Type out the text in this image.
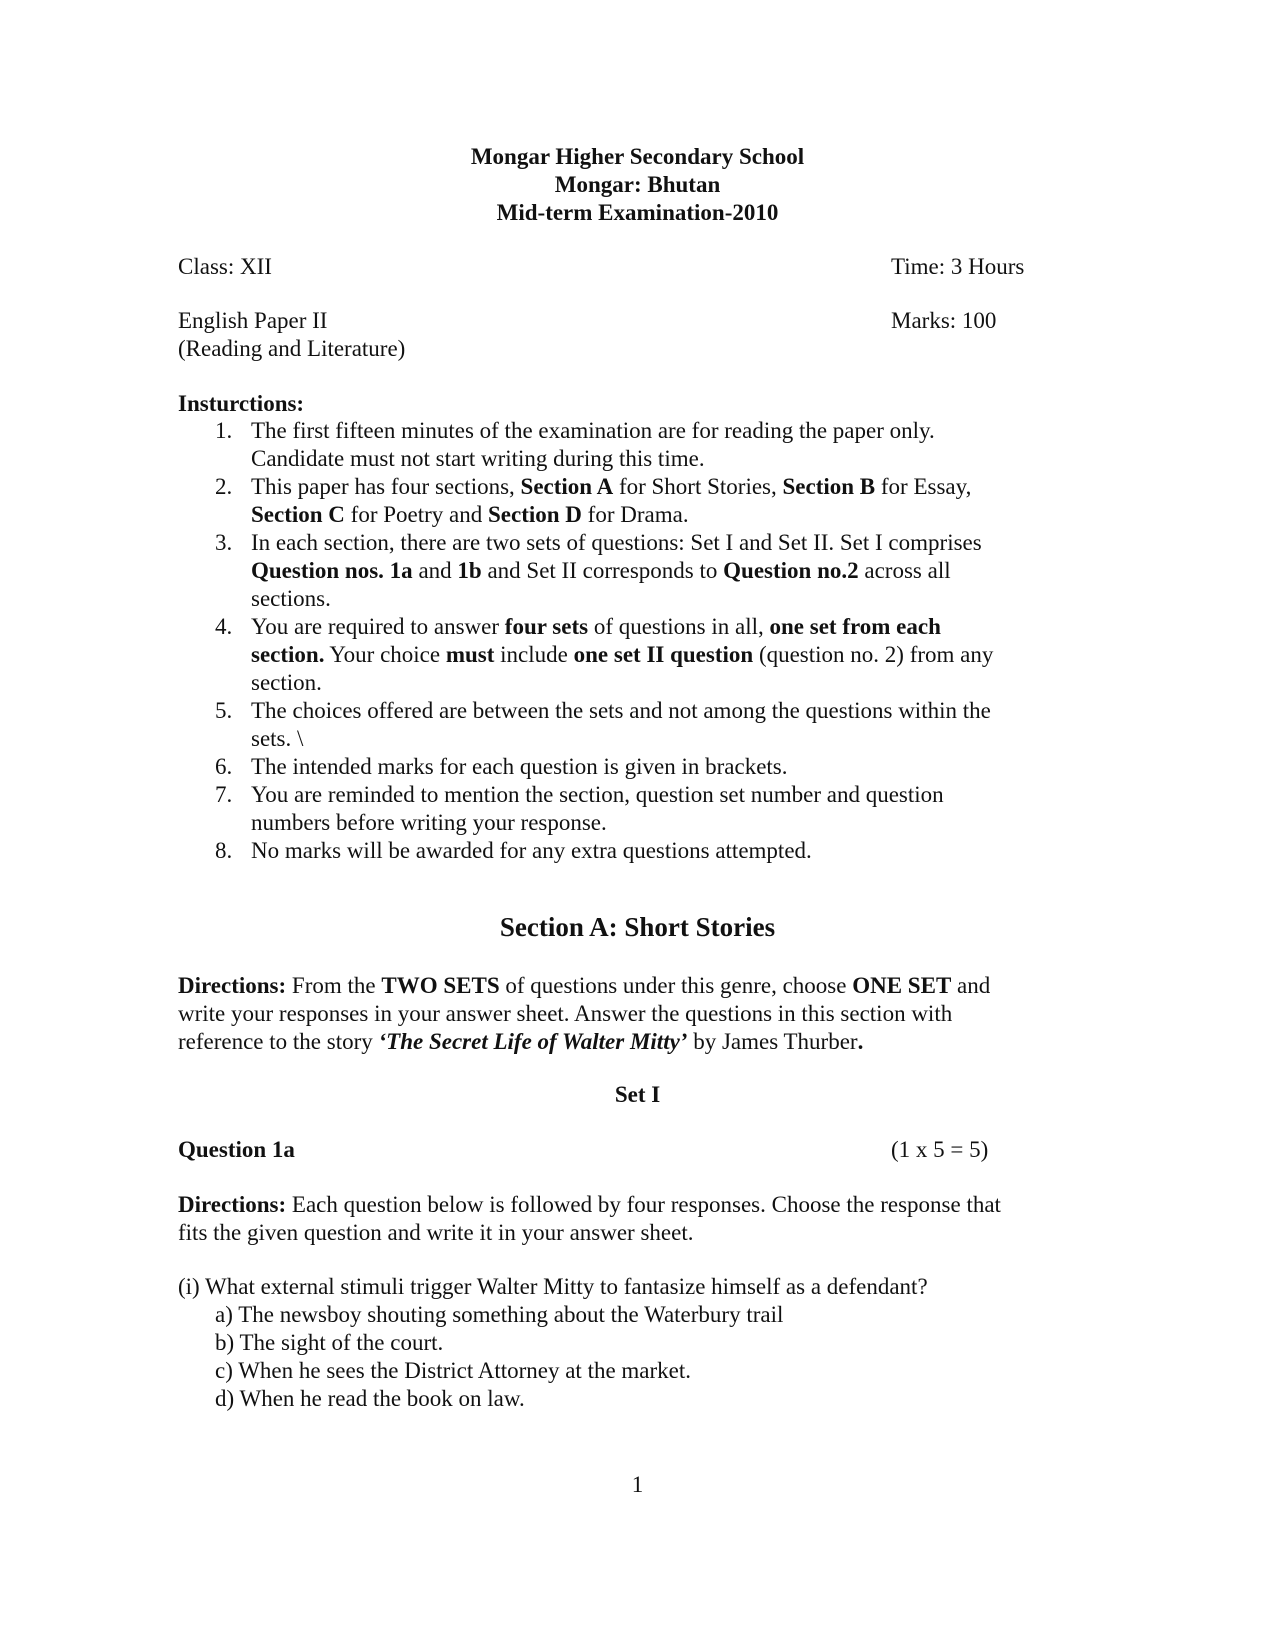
Mongar Higher Secondary School
Mongar: Bhutan
Mid-term Examination-2010
Class: XII	Time: 3 Hours
English Paper II	Marks: 100
(Reading and Literature)
Insturctions:
1. The first fifteen minutes of the examination are for reading the paper only.
Candidate must not start writing during this time.
2. This paper has four sections, Section A for Short Stories, Section B for Essay,
Section C for Poetry and Section D for Drama.
3. In each section, there are two sets of questions: Set I and Set II. Set I comprises
Question nos. 1a and 1b and Set II corresponds to Question no.2 across all
sections.
4. You are required to answer four sets of questions in all, one set from each
section. Your choice must include one set II question (question no. 2) from any
section.
5. The choices offered are between the sets and not among the questions within the
sets. \
6. The intended marks for each question is given in brackets.
7. You are reminded to mention the section, question set number and question
numbers before writing your response.
8. No marks will be awarded for any extra questions attempted.
Section A: Short Stories
Directions: From the TWO SETS of questions under this genre, choose ONE SET and
write your responses in your answer sheet. Answer the questions in this section with
reference to the story ‘The Secret Life of Walter Mitty’ by James Thurber.
Set I
Question 1a	(1 x 5 = 5)
Directions: Each question below is followed by four responses. Choose the response that
fits the given question and write it in your answer sheet.
(i) What external stimuli trigger Walter Mitty to fantasize himself as a defendant?
a) The newsboy shouting something about the Waterbury trail
b) The sight of the court.
c) When he sees the District Attorney at the market.
d) When he read the book on law.
1
